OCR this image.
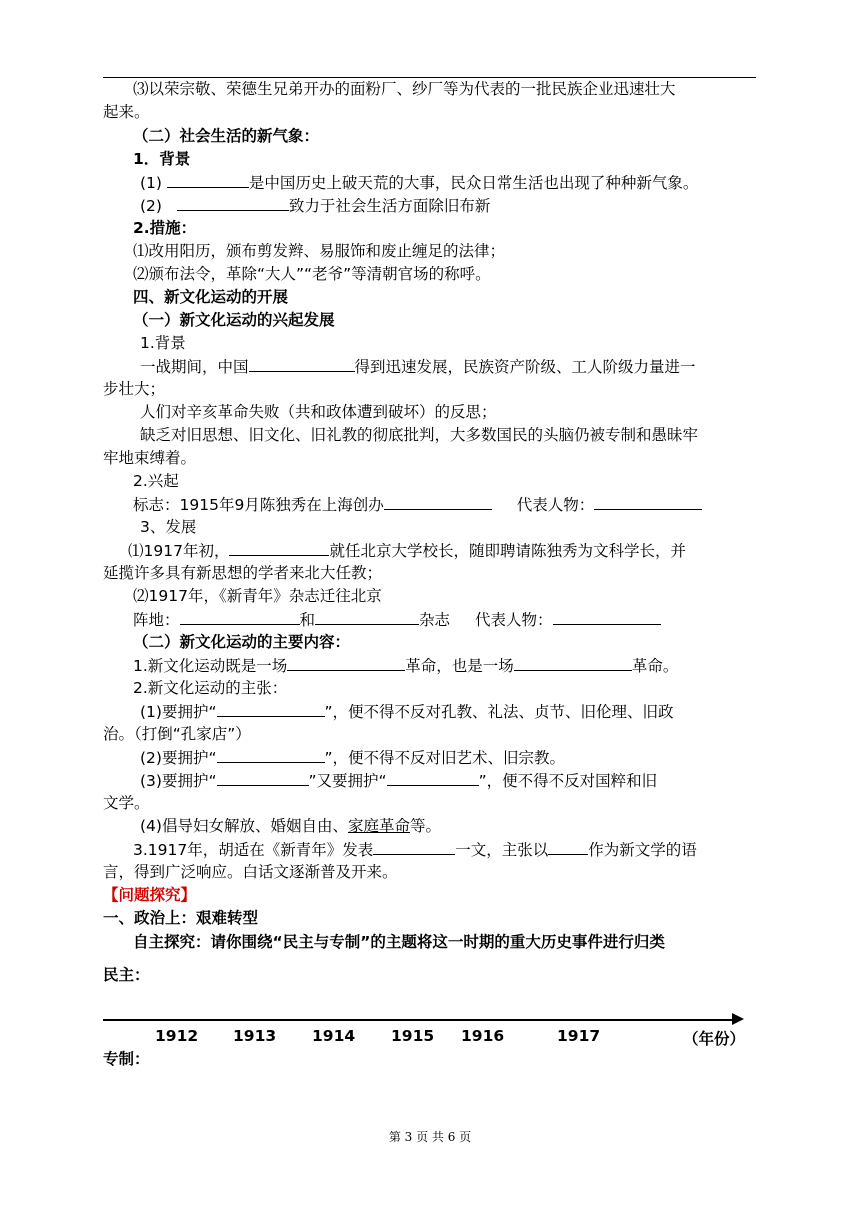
⑶以荣宗敬、荣德生兄弟开办的面粉厂、纱厂等为代表的一批民族企业迅速壮大
起来。
（二）社会生活的新气象：
1．背景
(1)	是中国历史上破天荒的大事，民众日常生活也出现了种种新气象。
(2)	致力于社会生活方面除旧布新
2.措施：
⑴改用阳历，颁布剪发辫、易服饰和废止缠足的法律；
⑵颁布法令，革除“大人”“老爷”等清朝官场的称呼。
四、新文化运动的开展
（一）新文化运动的兴起发展
1.背景
一战期间，中国	得到迅速发展，民族资产阶级、工人阶级力量进一
步壮大；
人们对辛亥革命失败（共和政体遭到破坏）的反思；
缺乏对旧思想、旧文化、旧礼教的彻底批判，大多数国民的头脑仍被专制和愚昧牢
牢地束缚着。
2.兴起
标志：1915年9月陈独秀在上海创办	代表人物：
3、发展
⑴1917年初，	就任北京大学校长，随即聘请陈独秀为文科学长，并
延揽许多具有新思想的学者来北大任教；
⑵1917年，《新青年》杂志迁往北京
阵地：	和	杂志 代表人物：
（二）新文化运动的主要内容：
1.新文化运动既是一场	革命，也是一场	革命。
2.新文化运动的主张：
(1)要拥护“	”，便不得不反对孔教、礼法、贞节、旧伦理、旧政
治。（打倒“孔家店”）
(2)要拥护“	”，便不得不反对旧艺术、旧宗教。
(3)要拥护“	”又要拥护“	”，便不得不反对国粹和旧
文学。
(4)倡导妇女解放、婚姻自由、家庭革命等。
3.1917年，胡适在《新青年》发表	一文，主张以	作为新文学的语
言，得到广泛响应。白话文逐渐普及开来。
【问题探究】
一、政治上：艰难转型
自主探究：请你围绕“民主与专制”的主题将这一时期的重大历史事件进行归类
民主：
1912 1913 1914 1915 1916	1917	（年份）
专制：
第 3 页 共 6 页
